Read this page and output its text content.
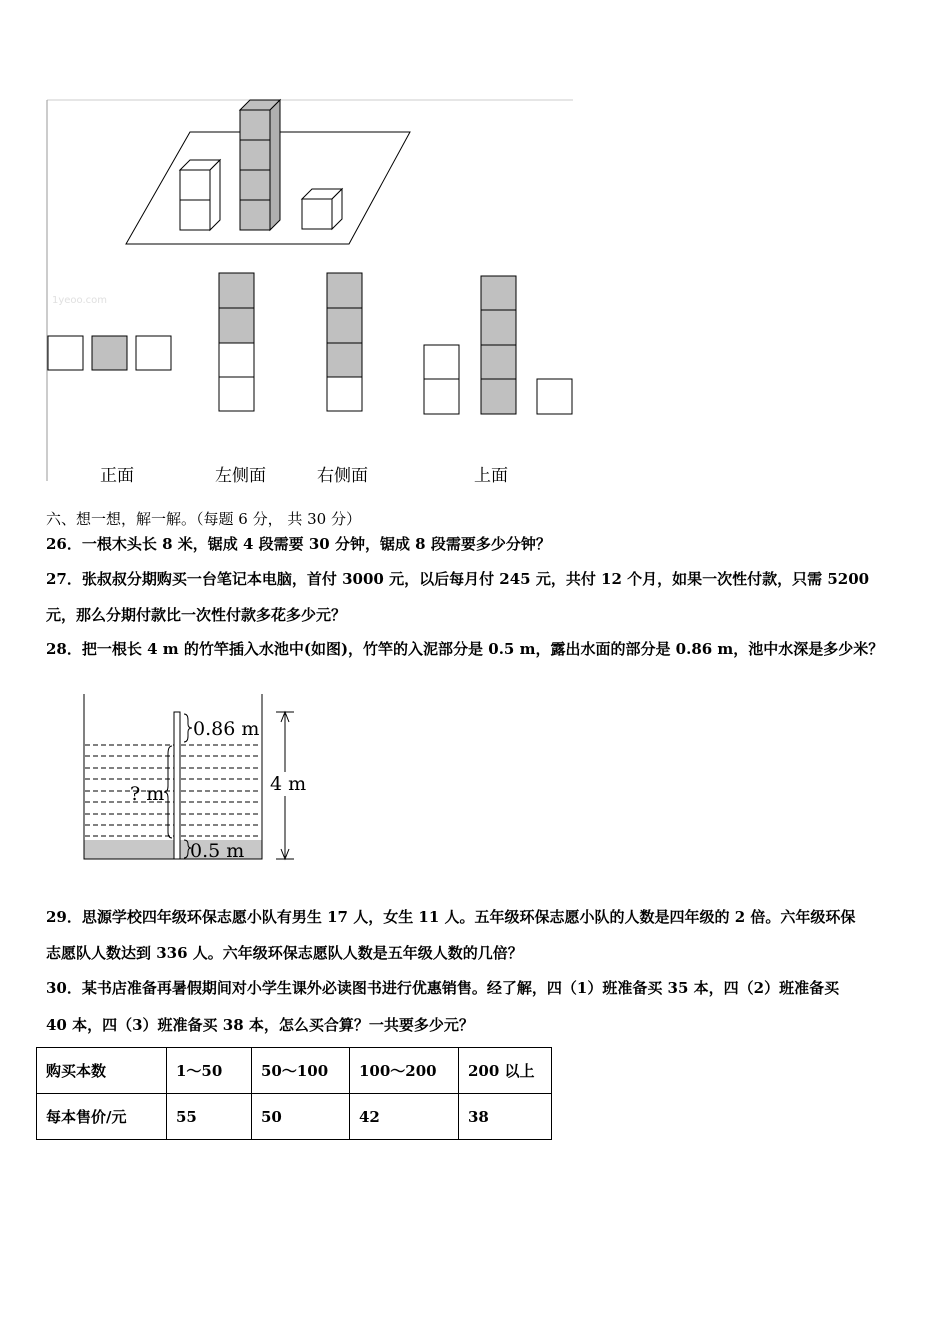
1yeoo.com
正面	左侧面	右侧面	上面
六、想一想，解一解。（每题 6 分， 共 30 分）
26．一根木头长 8 米，锯成 4 段需要 30 分钟，锯成 8 段需要多少分钟？
27．张叔叔分期购买一台笔记本电脑，首付 3000 元，以后每月付 245 元，共付 12 个月，如果一次性付款，只需 5200
元，那么分期付款比一次性付款多花多少元？
28．把一根长 4 m 的竹竿插入水池中(如图)，竹竿的入泥部分是 0.5 m，露出水面的部分是 0.86 m，池中水深是多少米？
0.86 m
? m	4 m
0.5 m
29．思源学校四年级环保志愿小队有男生 17 人，女生 11 人。五年级环保志愿小队的人数是四年级的 2 倍。六年级环保
志愿队人数达到 336 人。六年级环保志愿队人数是五年级人数的几倍？
30．某书店准备再暑假期间对小学生课外必读图书进行优惠销售。经了解，四（1）班准备买 35 本，四（2）班准备买
40 本，四（3）班准备买 38 本，怎么买合算？一共要多少元？
购买本数	1～50	50～100	100～200	200 以上
每本售价/元	55	50	42	38
